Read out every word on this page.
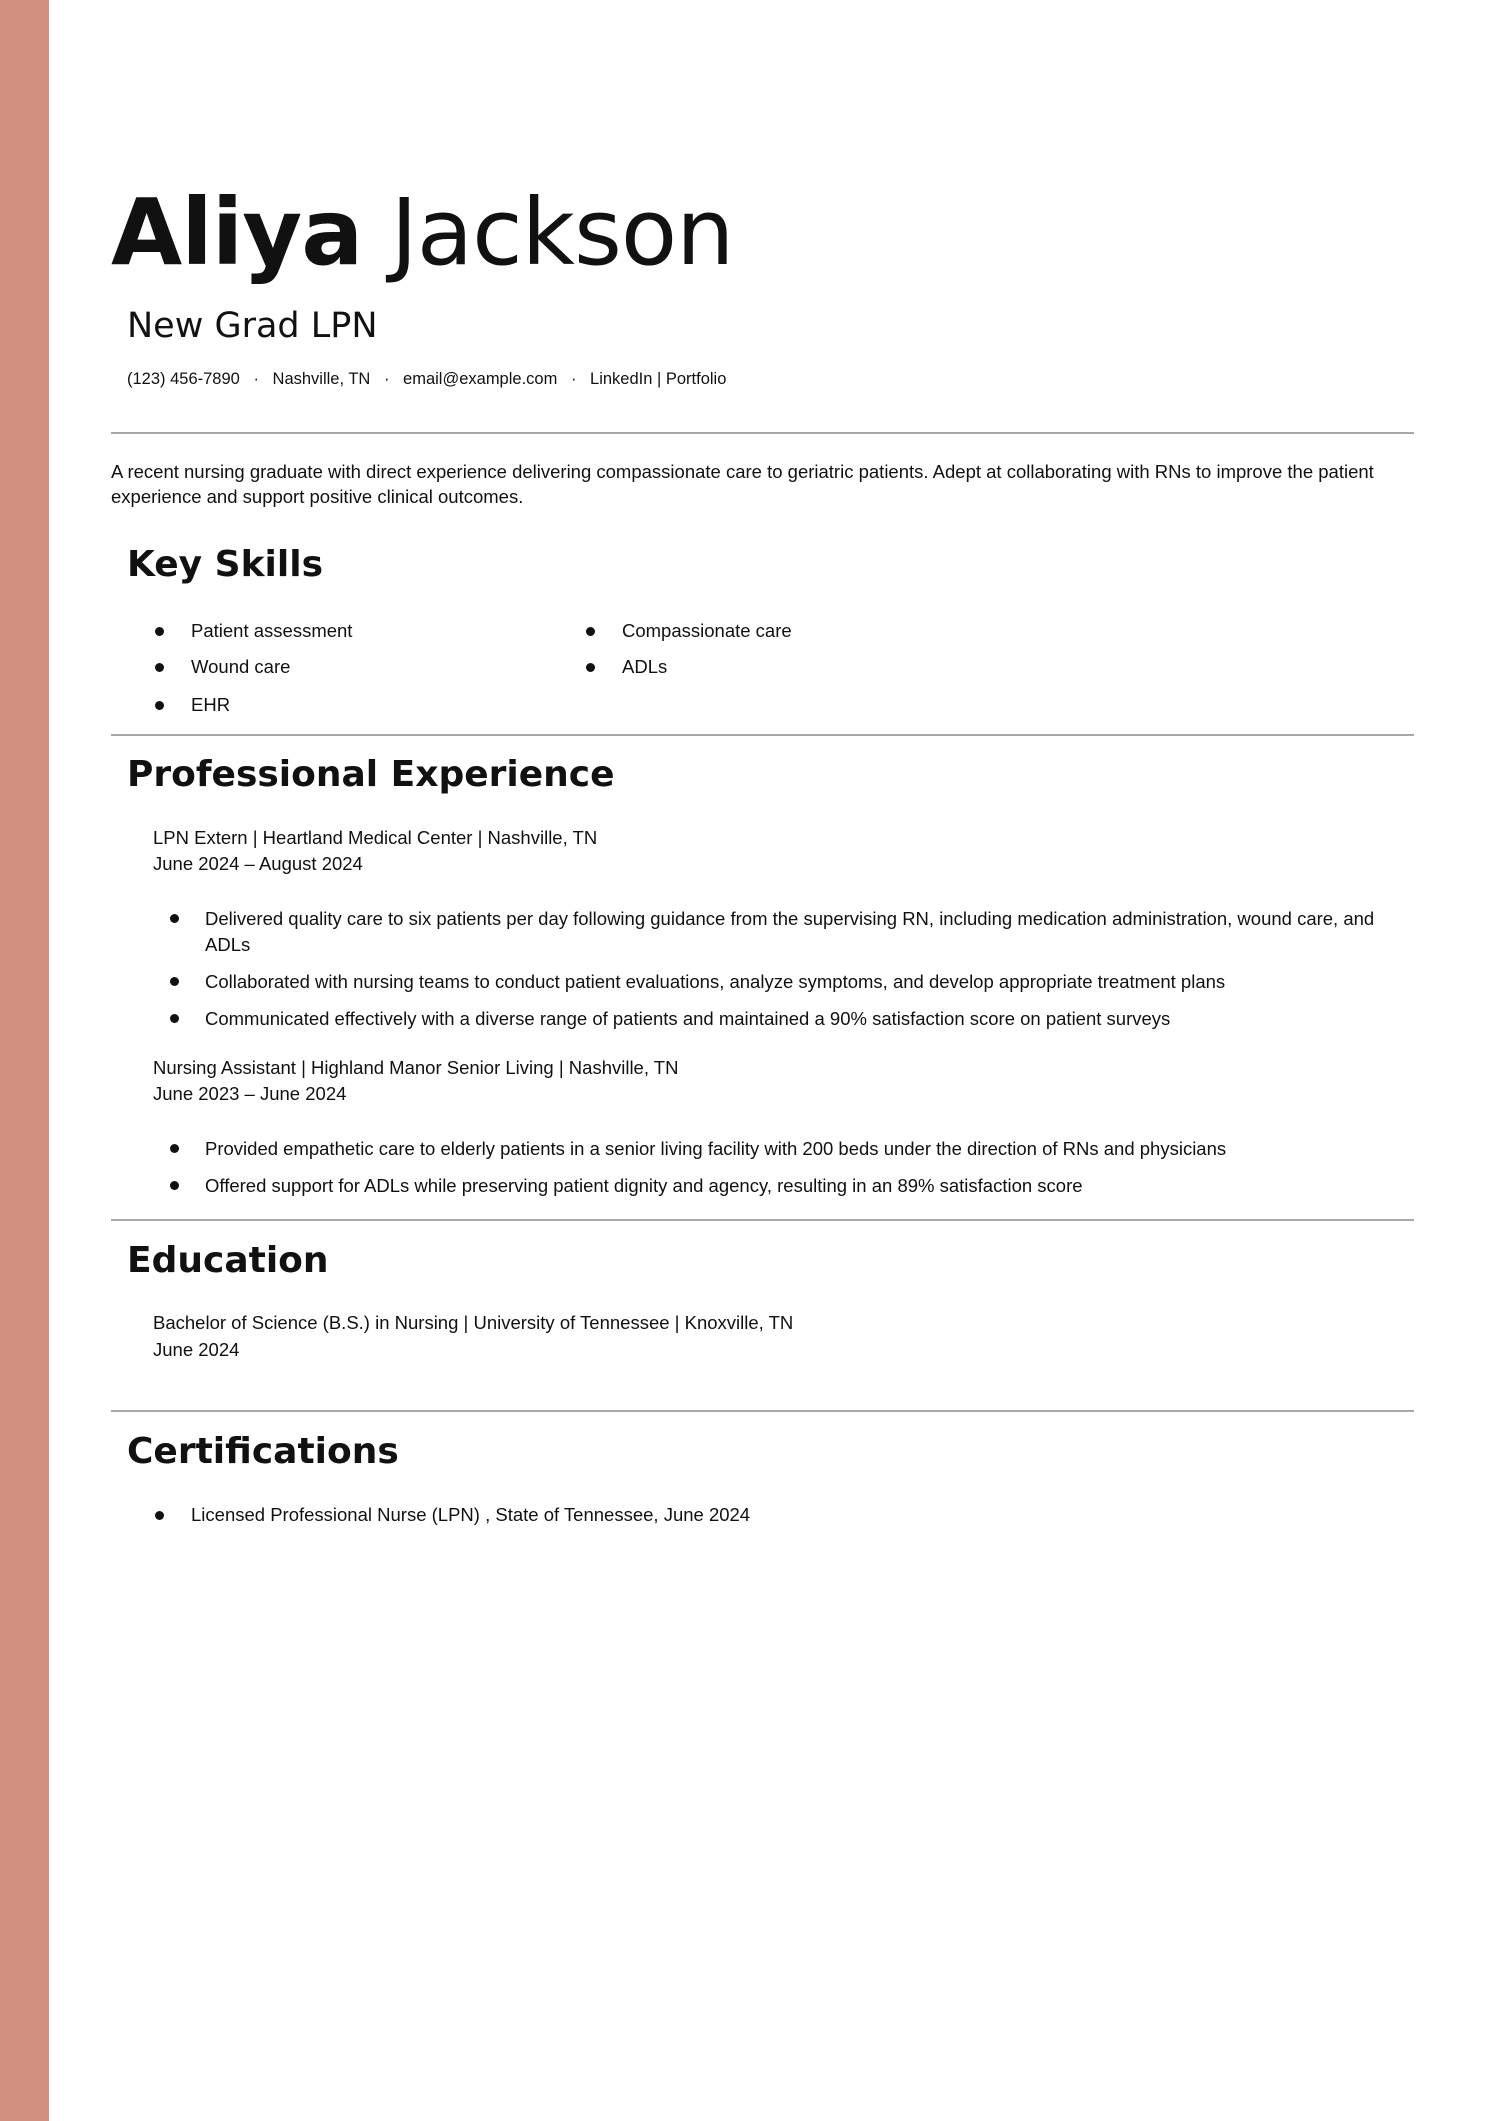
Aliya Jackson
New Grad LPN
(123) 456-7890 · Nashville, TN · email@example.com · LinkedIn | Portfolio
A recent nursing graduate with direct experience delivering compassionate care to geriatric patients. Adept at collaborating with RNs to improve the patient experience and support positive clinical outcomes.
Key Skills
Patient assessment	Compassionate care
Wound care	ADLs
EHR
Professional Experience
LPN Extern | Heartland Medical Center | Nashville, TN
June 2024 – August 2024
Delivered quality care to six patients per day following guidance from the supervising RN, including medication administration, wound care, and ADLs
Collaborated with nursing teams to conduct patient evaluations, analyze symptoms, and develop appropriate treatment plans
Communicated effectively with a diverse range of patients and maintained a 90% satisfaction score on patient surveys
Nursing Assistant | Highland Manor Senior Living | Nashville, TN
June 2023 – June 2024
Provided empathetic care to elderly patients in a senior living facility with 200 beds under the direction of RNs and physicians
Offered support for ADLs while preserving patient dignity and agency, resulting in an 89% satisfaction score
Education
Bachelor of Science (B.S.) in Nursing | University of Tennessee | Knoxville, TN
June 2024
Certifications
Licensed Professional Nurse (LPN) , State of Tennessee, June 2024
